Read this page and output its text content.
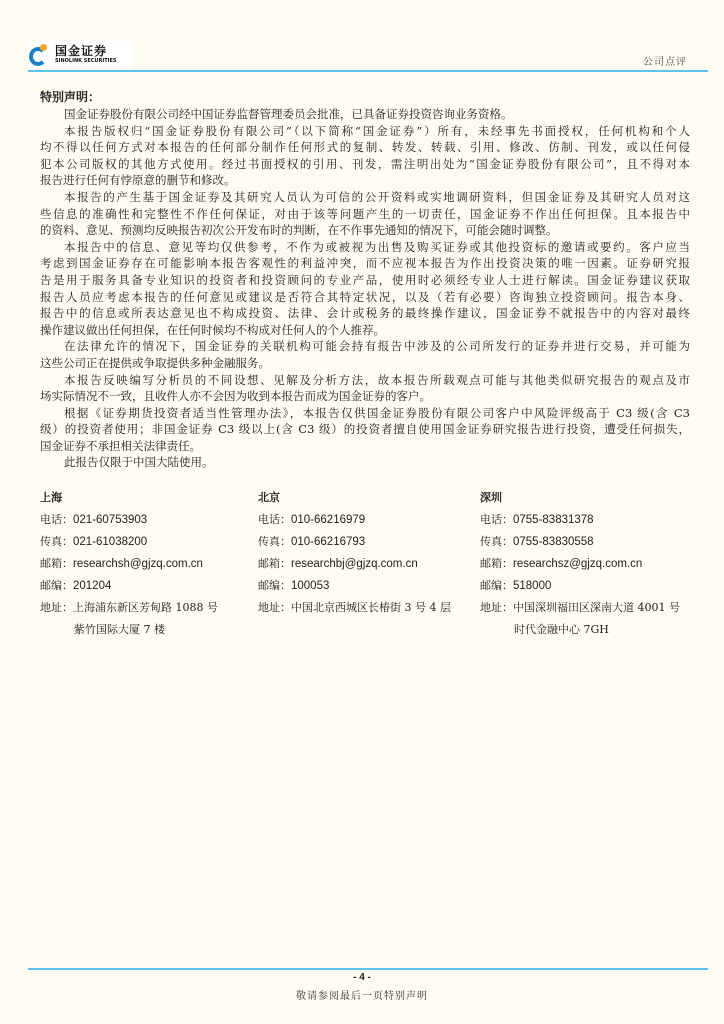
国金证券
SINOLINK SECURITIES	公司点评
特别声明：
国金证券股份有限公司经中国证券监督管理委员会批准，已具备证券投资咨询业务资格。
本报告版权归“国金证券股份有限公司”（以下简称“国金证券”）所有，未经事先书面授权，任何机构和个人
均不得以任何方式对本报告的任何部分制作任何形式的复制、转发、转载、引用、修改、仿制、刊发，或以任何侵
犯本公司版权的其他方式使用。经过书面授权的引用、刊发，需注明出处为“国金证券股份有限公司”，且不得对本
报告进行任何有悖原意的删节和修改。
本报告的产生基于国金证券及其研究人员认为可信的公开资料或实地调研资料，但国金证券及其研究人员对这
些信息的准确性和完整性不作任何保证，对由于该等问题产生的一切责任，国金证券不作出任何担保。且本报告中
的资料、意见、预测均反映报告初次公开发布时的判断，在不作事先通知的情况下，可能会随时调整。
本报告中的信息、意见等均仅供参考，不作为或被视为出售及购买证券或其他投资标的邀请或要约。客户应当
考虑到国金证券存在可能影响本报告客观性的利益冲突，而不应视本报告为作出投资决策的唯一因素。证券研究报
告是用于服务具备专业知识的投资者和投资顾问的专业产品，使用时必须经专业人士进行解读。国金证券建议获取
报告人员应考虑本报告的任何意见或建议是否符合其特定状况，以及（若有必要）咨询独立投资顾问。报告本身、
报告中的信息或所表达意见也不构成投资、法律、会计或税务的最终操作建议，国金证券不就报告中的内容对最终
操作建议做出任何担保，在任何时候均不构成对任何人的个人推荐。
在法律允许的情况下，国金证券的关联机构可能会持有报告中涉及的公司所发行的证券并进行交易，并可能为
这些公司正在提供或争取提供多种金融服务。
本报告反映编写分析员的不同设想、见解及分析方法，故本报告所载观点可能与其他类似研究报告的观点及市
场实际情况不一致，且收件人亦不会因为收到本报告而成为国金证券的客户。
根据《证券期货投资者适当性管理办法》，本报告仅供国金证券股份有限公司客户中风险评级高于 C3 级(含 C3
级）的投资者使用；非国金证券 C3 级以上(含 C3 级）的投资者擅自使用国金证券研究报告进行投资，遭受任何损失，
国金证券不承担相关法律责任。
此报告仅限于中国大陆使用。
上海
电话：021-60753903
传真：021-61038200
邮箱：researchsh@gjzq.com.cn
邮编：201204
地址：上海浦东新区芳甸路 1088 号
紫竹国际大厦 7 楼
北京
电话：010-66216979
传真：010-66216793
邮箱：researchbj@gjzq.com.cn
邮编：100053
地址：中国北京西城区长椿街 3 号 4 层
深圳
电话：0755-83831378
传真：0755-83830558
邮箱：researchsz@gjzq.com.cn
邮编：518000
地址：中国深圳福田区深南大道 4001 号
时代金融中心 7GH
- 4 -
敬请参阅最后一页特别声明
